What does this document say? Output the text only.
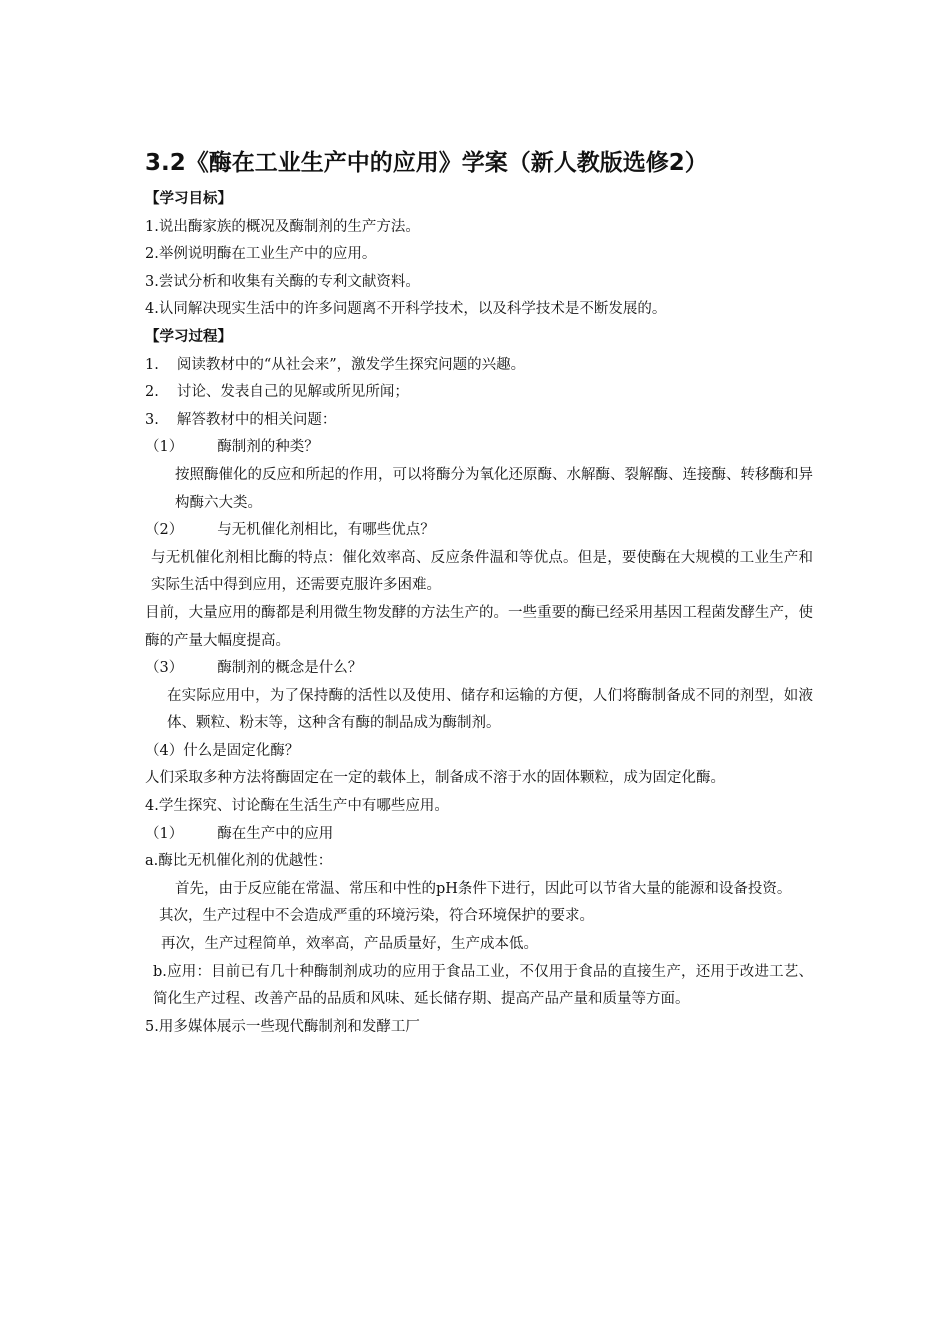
3.2《酶在工业生产中的应用》学案（新人教版选修2）
【学习目标】
1.说出酶家族的概况及酶制剂的生产方法。
2.举例说明酶在工业生产中的应用。
3.尝试分析和收集有关酶的专利文献资料。
4.认同解决现实生活中的许多问题离不开科学技术，以及科学技术是不断发展的。
【学习过程】
1. 阅读教材中的“从社会来”，激发学生探究问题的兴趣。
2. 讨论、发表自己的见解或所见所闻；
3. 解答教材中的相关问题：
（1） 酶制剂的种类？
按照酶催化的反应和所起的作用，可以将酶分为氧化还原酶、水解酶、裂解酶、连接酶、转移酶和异构酶六大类。
（2） 与无机催化剂相比，有哪些优点？
与无机催化剂相比酶的特点：催化效率高、反应条件温和等优点。但是，要使酶在大规模的工业生产和实际生活中得到应用，还需要克服许多困难。
目前，大量应用的酶都是利用微生物发酵的方法生产的。一些重要的酶已经采用基因工程菌发酵生产，使酶的产量大幅度提高。
（3） 酶制剂的概念是什么？
在实际应用中，为了保持酶的活性以及使用、储存和运输的方便，人们将酶制备成不同的剂型，如液体、颗粒、粉末等，这种含有酶的制品成为酶制剂。
（4）什么是固定化酶？
人们采取多种方法将酶固定在一定的载体上，制备成不溶于水的固体颗粒，成为固定化酶。
4.学生探究、讨论酶在生活生产中有哪些应用。
（1） 酶在生产中的应用
a.酶比无机催化剂的优越性：
首先，由于反应能在常温、常压和中性的pH条件下进行，因此可以节省大量的能源和设备投资。
其次，生产过程中不会造成严重的环境污染，符合环境保护的要求。
再次，生产过程简单，效率高，产品质量好，生产成本低。
b.应用：目前已有几十种酶制剂成功的应用于食品工业，不仅用于食品的直接生产，还用于改进工艺、简化生产过程、改善产品的品质和风味、延长储存期、提高产品产量和质量等方面。
5.用多媒体展示一些现代酶制剂和发酵工厂
